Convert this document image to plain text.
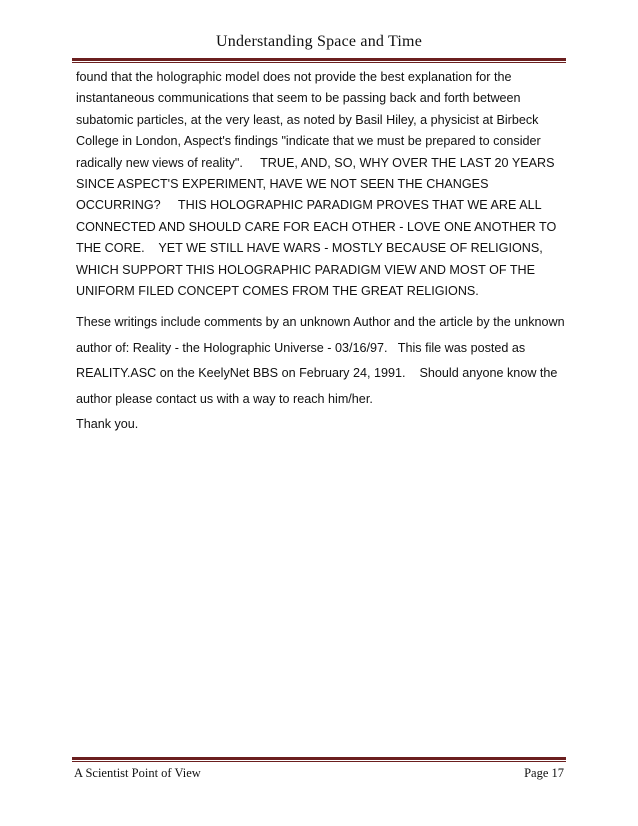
Understanding Space and Time

found that the holographic model does not provide the best explanation for the

instantaneous communications that seem to be passing back and forth between

subatomic particles, at the very least, as noted by Basil Hiley, a physicist at Birbeck

College in London, Aspect's findings "indicate that we must be prepared to consider

radically new views of reality".     TRUE, AND, SO, WHY OVER THE LAST 20 YEARS

SINCE ASPECT'S EXPERIMENT, HAVE WE NOT SEEN THE CHANGES

OCCURRING?     THIS HOLOGRAPHIC PARADIGM PROVES THAT WE ARE ALL

CONNECTED AND SHOULD CARE FOR EACH OTHER - LOVE ONE ANOTHER TO

THE CORE.    YET WE STILL HAVE WARS - MOSTLY BECAUSE OF RELIGIONS,

WHICH SUPPORT THIS HOLOGRAPHIC PARADIGM VIEW AND MOST OF THE

UNIFORM FILED CONCEPT COMES FROM THE GREAT RELIGIONS.

These writings include comments by an unknown Author and the article by the unknown

author of: Reality - the Holographic Universe - 03/16/97.   This file was posted as

REALITY.ASC on the KeelyNet BBS on February 24, 1991.    Should anyone know the

author please contact us with a way to reach him/her.

Thank you.

A Scientist Point of View	Page 17
